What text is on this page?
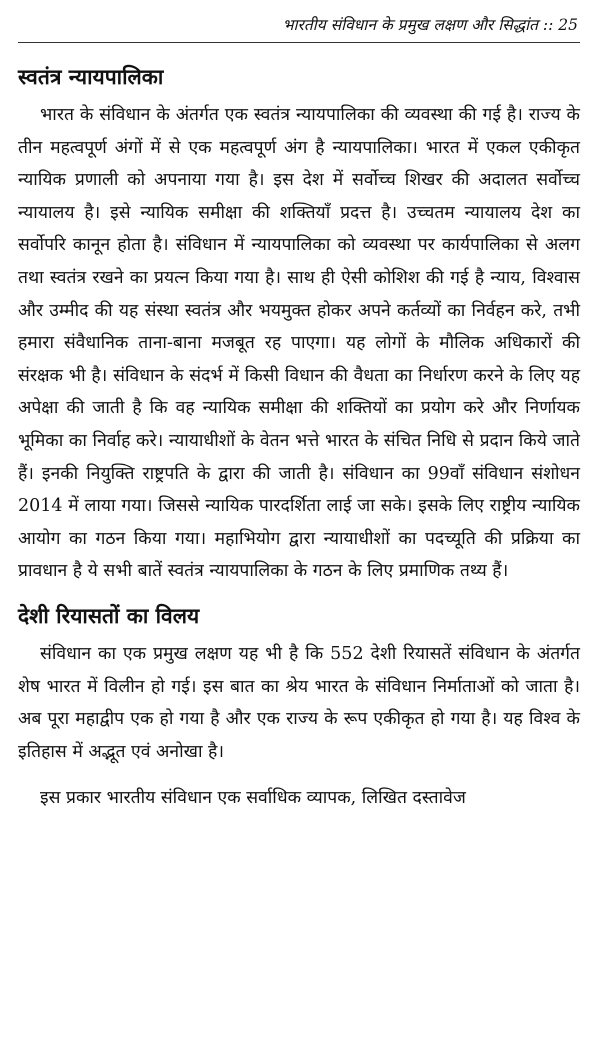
भारतीय संविधान के प्रमुख लक्षण और सिद्धांत :: 25
स्वतंत्र न्यायपालिका

भारत के संविधान के अंतर्गत एक स्वतंत्र न्यायपालिका की व्यवस्था की गई है। राज्य के तीन महत्वपूर्ण अंगों में से एक महत्वपूर्ण अंग है न्यायपालिका। भारत में एकल एकीकृत न्यायिक प्रणाली को अपनाया गया है। इस देश में सर्वोच्च शिखर की अदालत सर्वोच्च न्यायालय है। इसे न्यायिक समीक्षा की शक्तियाँ प्रदत्त है। उच्चतम न्यायालय देश का सर्वोपरि कानून होता है। संविधान में न्यायपालिका को व्यवस्था पर कार्यपालिका से अलग तथा स्वतंत्र रखने का प्रयत्न किया गया है। साथ ही ऐसी कोशिश की गई है न्याय, विश्वास और उम्मीद की यह संस्था स्वतंत्र और भयमुक्त होकर अपने कर्तव्यों का निर्वहन करे, तभी हमारा संवैधानिक ताना-बाना मजबूत रह पाएगा। यह लोगों के मौलिक अधिकारों की संरक्षक भी है। संविधान के संदर्भ में किसी विधान की वैधता का निर्धारण करने के लिए यह अपेक्षा की जाती है कि वह न्यायिक समीक्षा की शक्तियों का प्रयोग करे और निर्णायक भूमिका का निर्वाह करे। न्यायाधीशों के वेतन भत्ते भारत के संचित निधि से प्रदान किये जाते हैं। इनकी नियुक्ति राष्ट्रपति के द्वारा की जाती है। संविधान का 99वाँ संविधान संशोधन 2014 में लाया गया। जिससे न्यायिक पारदर्शिता लाई जा सके। इसके लिए राष्ट्रीय न्यायिक आयोग का गठन किया गया। महाभियोग द्वारा न्यायाधीशों का पदच्यूति की प्रक्रिया का प्रावधान है ये सभी बातें स्वतंत्र न्यायपालिका के गठन के लिए प्रमाणिक तथ्य हैं।

देशी रियासतों का विलय

संविधान का एक प्रमुख लक्षण यह भी है कि 552 देशी रियासतें संविधान के अंतर्गत शेष भारत में विलीन हो गई। इस बात का श्रेय भारत के संविधान निर्माताओं को जाता है। अब पूरा महाद्वीप एक हो गया है और एक राज्य के रूप एकीकृत हो गया है। यह विश्व के इतिहास में अद्भूत एवं अनोखा है।

इस प्रकार भारतीय संविधान एक सर्वाधिक व्यापक, लिखित दस्तावेज
